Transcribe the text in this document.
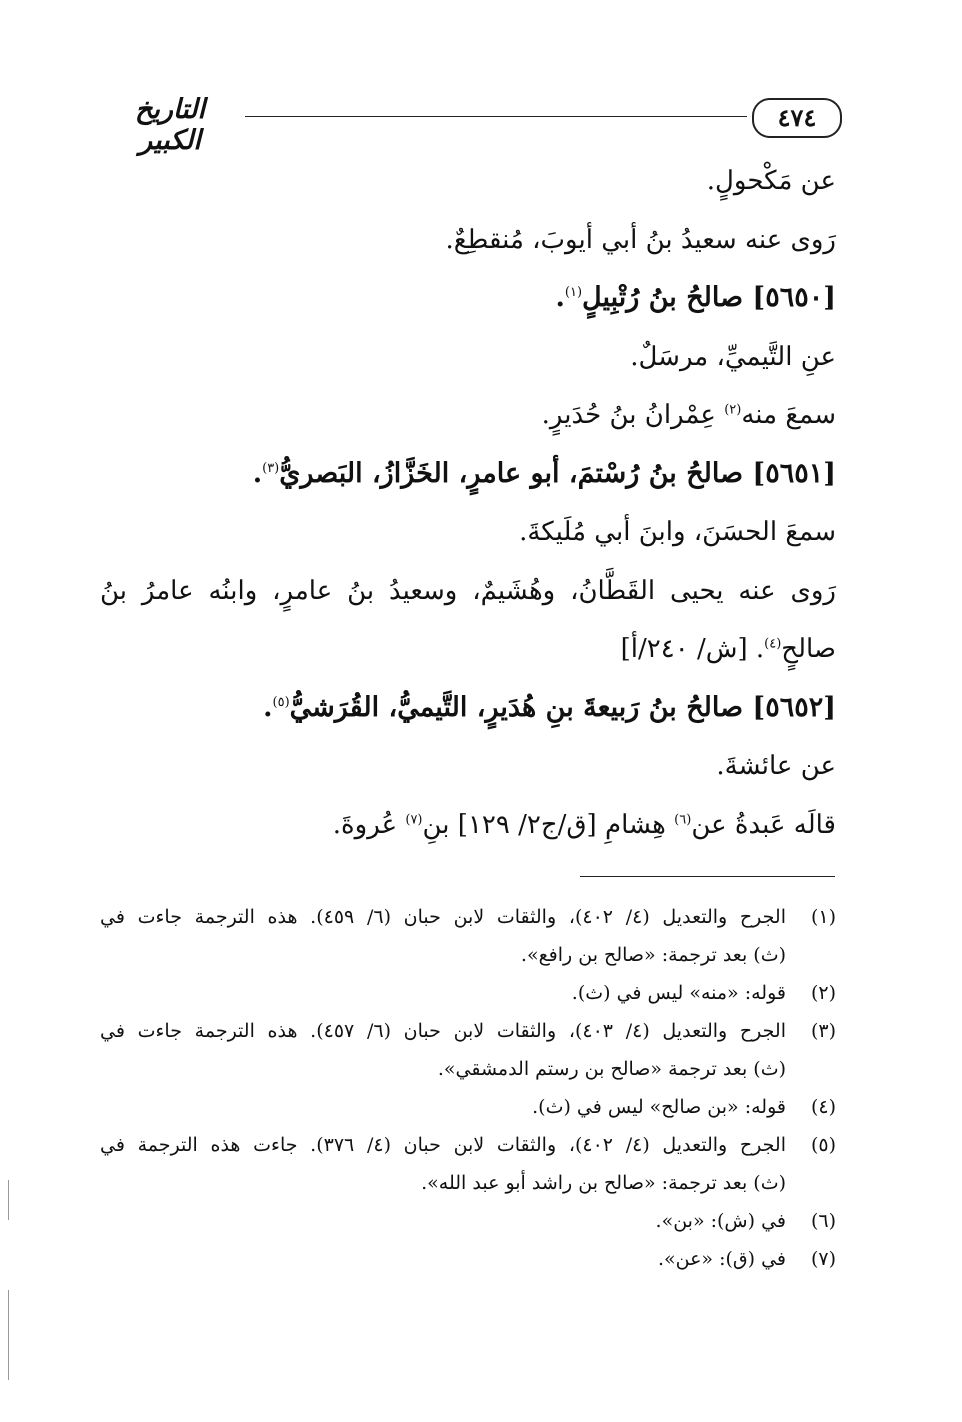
التاريخ الكبير
٤٧٤
عن مَكْحولٍ.
رَوى عنه سعيدُ بنُ أبي أيوبَ، مُنقطِعٌ.
[٥٦٥٠] صالحُ بنُ رُتْبِيلٍ$^{(١)}$.
عنِ التَّيميِّ، مرسَلٌ.
سمعَ منه$^{(٢)}$ عِمْرانُ بنُ حُدَيرٍ.
[٥٦٥١] صالحُ بنُ رُسْتمَ، أبو عامرٍ، الخَزَّازُ، البَصريُّ$^{(٣)}$.
سمعَ الحسَنَ، وابنَ أبي مُلَيكةَ.
رَوى عنه يحيى القَطَّانُ، وهُشَيمٌ، وسعيدُ بنُ عامرٍ، وابنُه عامرُ بنُ
صالحٍ$^{(٤)}$. [ش/ ٢٤٠/أ]
[٥٦٥٢] صالحُ بنُ رَبيعةَ بنِ هُدَيرٍ، التَّيميُّ، القُرَشيُّ$^{(٥)}$.
عن عائشةَ.
قالَه عَبدةُ عن$^{(٦)}$ هِشامِ [ق/ج٢/ ١٢٩] بنِ$^{(٧)}$ عُروةَ.
(١)
الجرح والتعديل (٤/ ٤٠٢)، والثقات لابن حبان (٦/ ٤٥٩). هذه الترجمة جاءت في
(ث) بعد ترجمة: «صالح بن رافع».
(٢)
قوله: «منه» ليس في (ث).
(٣)
الجرح والتعديل (٤/ ٤٠٣)، والثقات لابن حبان (٦/ ٤٥٧). هذه الترجمة جاءت في
(ث) بعد ترجمة «صالح بن رستم الدمشقي».
(٤)
قوله: «بن صالح» ليس في (ث).
(٥)
الجرح والتعديل (٤/ ٤٠٢)، والثقات لابن حبان (٤/ ٣٧٦). جاءت هذه الترجمة في
(ث) بعد ترجمة: «صالح بن راشد أبو عبد الله».
(٦)
في (ش): «بن».
(٧)
في (ق): «عن».
